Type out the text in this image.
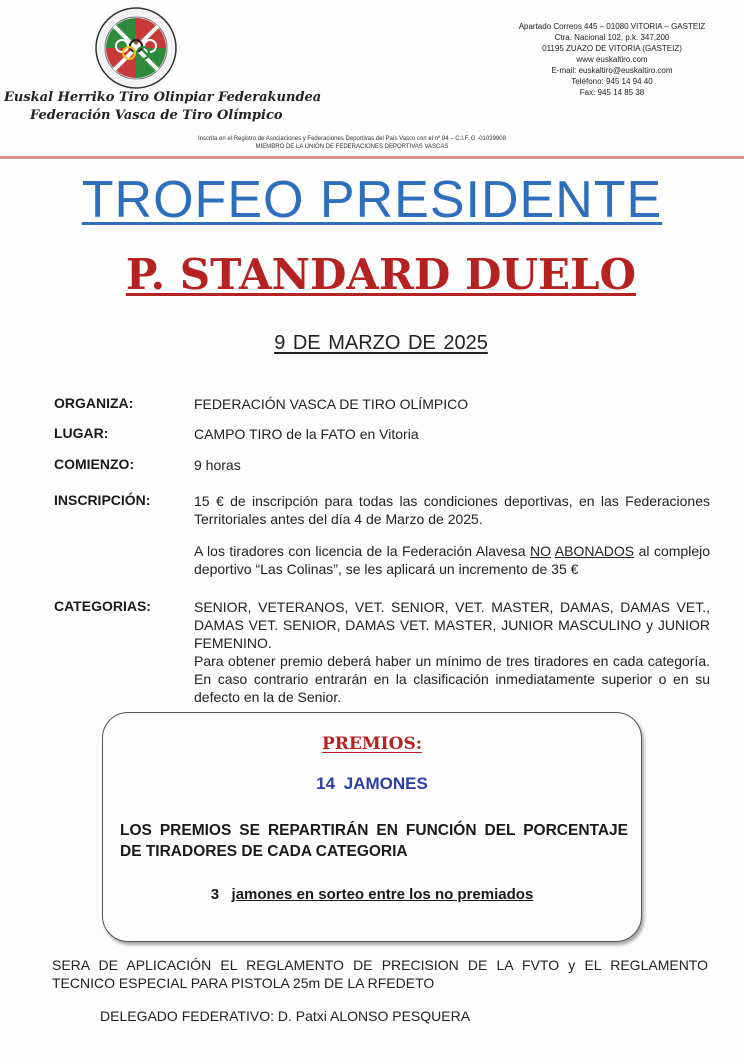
Euskal Herriko Tiro Olinpiar Federakundea
Federación Vasca de Tiro Olímpico
Apartado Correos 445 – 01080 VITORIA – GASTEIZ
Ctra. Nacional 102, p.k. 347,200
01195 ZUAZO DE VITORIA (GASTEIZ)
www euskaltiro.com
E-mail: euskaltiro@euskaltiro.com
Teléfono: 945 14 94 40
Fax: 945 14 85 38
Inscrita en el Registro de Asociaciones y Federaciones Deportivas del País Vasco con el nº 84 – C.I.F. G -01039908
MIEMBRO DE LA UNIÓN DE FEDERACIONES DEPORTIVAS VASCAS
TROFEO PRESIDENTE
P. STANDARD DUELO
9 DE MARZO DE 2025
ORGANIZA:	FEDERACIÓN VASCA DE TIRO OLÍMPICO
LUGAR:	CAMPO TIRO de la FATO en Vitoria
COMIENZO:	9 horas
INSCRIPCIÓN:	15 € de inscripción para todas las condiciones deportivas, en las Federaciones Territoriales antes del día 4 de Marzo de 2025.
A los tiradores con licencia de la Federación Alavesa NO ABONADOS al complejo deportivo “Las Colinas”, se les aplicará un incremento de 35 €
CATEGORIAS:	SENIOR, VETERANOS, VET. SENIOR, VET. MASTER, DAMAS, DAMAS VET., DAMAS VET. SENIOR, DAMAS VET. MASTER, JUNIOR MASCULINO y JUNIOR FEMENINO.
Para obtener premio deberá haber un mínimo de tres tiradores en cada categoría. En caso contrario entrarán en la clasificación inmediatamente superior o en su defecto en la de Senior.
PREMIOS:
14 JAMONES
LOS PREMIOS SE REPARTIRÁN EN FUNCIÓN DEL PORCENTAJE DE TIRADORES DE CADA CATEGORIA
3 jamones en sorteo entre los no premiados
SERA DE APLICACIÓN EL REGLAMENTO DE PRECISION DE LA FVTO y EL REGLAMENTO TECNICO ESPECIAL PARA PISTOLA 25m DE LA RFEDETO
DELEGADO FEDERATIVO: D. Patxi ALONSO PESQUERA
